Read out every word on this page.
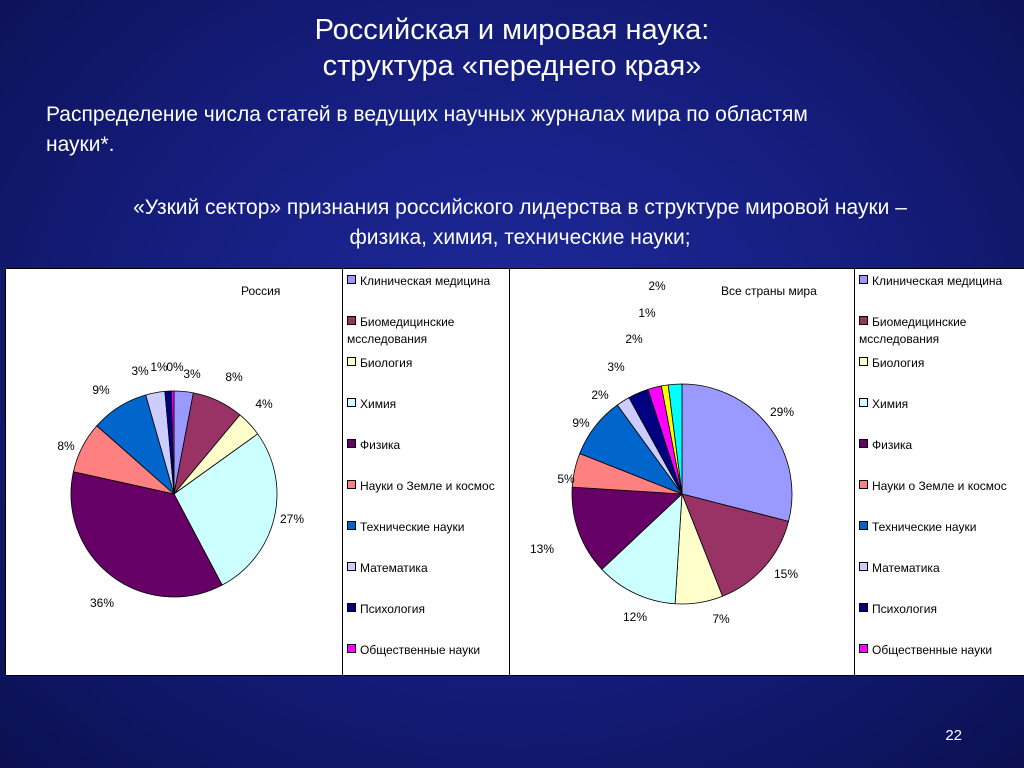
Российская и мировая наука:
структура «переднего края»
Распределение числа статей в ведущих научных журналах мира по областям
науки*.
«Узкий сектор» признания российского лидерства в структуре мировой науки –
физика, химия, технические науки;
Россия
3% 8%
4%
27%
36%
8%
9%
3% 1%
0%
Клиническая медицина
Биомедицинские мсследования
Биология
Химия
Физика
Науки о Земле и космос
Технические науки
Математика
Психология
Общественные науки
Все страны мира
29%
15%
7%
12%
13%
5%
9%
2%
3%
2%
1%
2%	Клиническая медицина
Биомедицинские мсследования
Биология
Химия
Физика
Науки о Земле и космос
Технические науки
Математика
Психология
Общественные науки
22
